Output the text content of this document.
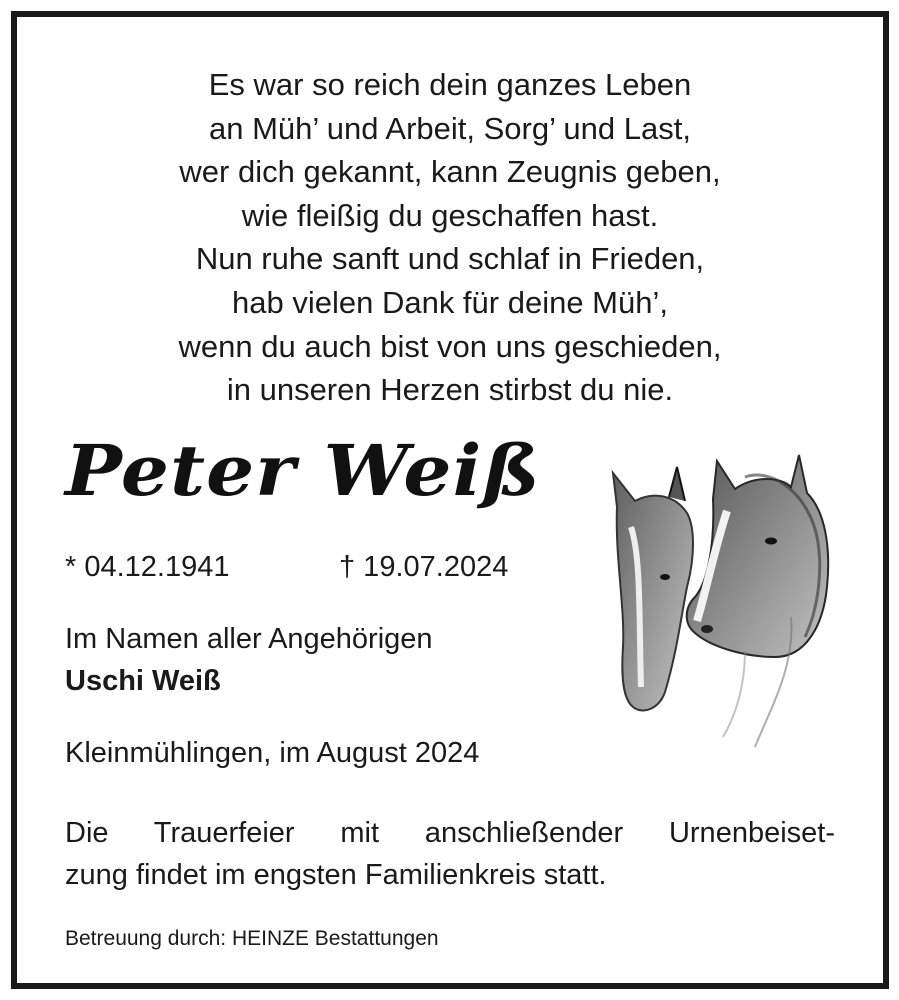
Es war so reich dein ganzes Leben
an Müh’ und Arbeit, Sorg’ und Last,
wer dich gekannt, kann Zeugnis geben,
wie fleißig du geschaffen hast.
Nun ruhe sanft und schlaf in Frieden,
hab vielen Dank für deine Müh’,
wenn du auch bist von uns geschieden,
in unseren Herzen stirbst du nie.
Peter Weiß
* 04.12.1941	† 19.07.2024
Im Namen aller Angehörigen
Uschi Weiß
Kleinmühlingen, im August 2024
Die Trauerfeier mit anschließender Urnenbeiset-
zung findet im engsten Familienkreis statt.
Betreuung durch: HEINZE Bestattungen
